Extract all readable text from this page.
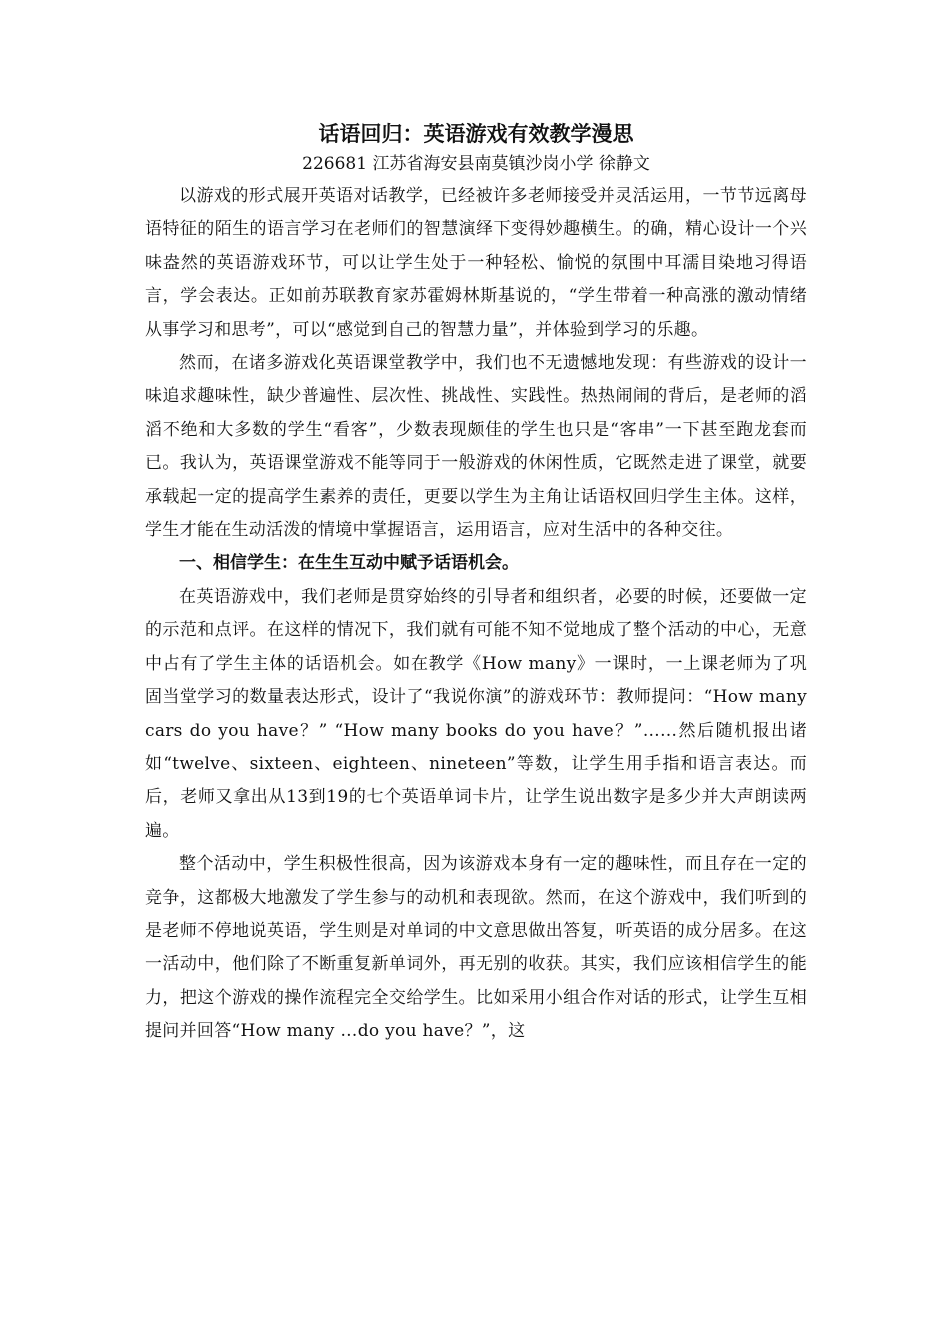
话语回归：英语游戏有效教学漫思

226681 江苏省海安县南莫镇沙岗小学 徐静文

以游戏的形式展开英语对话教学，已经被许多老师接受并灵活运用，一节节远离母语特征的陌生的语言学习在老师们的智慧演绎下变得妙趣横生。的确，精心设计一个兴味盎然的英语游戏环节，可以让学生处于一种轻松、愉悦的氛围中耳濡目染地习得语言，学会表达。正如前苏联教育家苏霍姆林斯基说的，“学生带着一种高涨的激动情绪从事学习和思考”，可以“感觉到自己的智慧力量”，并体验到学习的乐趣。

然而，在诸多游戏化英语课堂教学中，我们也不无遗憾地发现：有些游戏的设计一味追求趣味性，缺少普遍性、层次性、挑战性、实践性。热热闹闹的背后，是老师的滔滔不绝和大多数的学生“看客”，少数表现颇佳的学生也只是“客串”一下甚至跑龙套而已。我认为，英语课堂游戏不能等同于一般游戏的休闲性质，它既然走进了课堂，就要承载起一定的提高学生素养的责任，更要以学生为主角让话语权回归学生主体。这样，学生才能在生动活泼的情境中掌握语言，运用语言，应对生活中的各种交往。

一、相信学生：在生生互动中赋予话语机会。

在英语游戏中，我们老师是贯穿始终的引导者和组织者，必要的时候，还要做一定的示范和点评。在这样的情况下，我们就有可能不知不觉地成了整个活动的中心，无意中占有了学生主体的话语机会。如在教学《How many》一课时，一上课老师为了巩固当堂学习的数量表达形式，设计了“我说你演”的游戏环节：教师提问：“How many cars do you have？” “How many books do you have？”……然后随机报出诸如“twelve、sixteen、eighteen、nineteen”等数，让学生用手指和语言表达。而后，老师又拿出从13到19的七个英语单词卡片，让学生说出数字是多少并大声朗读两遍。

整个活动中，学生积极性很高，因为该游戏本身有一定的趣味性，而且存在一定的竞争，这都极大地激发了学生参与的动机和表现欲。然而，在这个游戏中，我们听到的是老师不停地说英语，学生则是对单词的中文意思做出答复，听英语的成分居多。在这一活动中，他们除了不断重复新单词外，再无别的收获。其实，我们应该相信学生的能力，把这个游戏的操作流程完全交给学生。比如采用小组合作对话的形式，让学生互相提问并回答“How many …do you have？”，这
